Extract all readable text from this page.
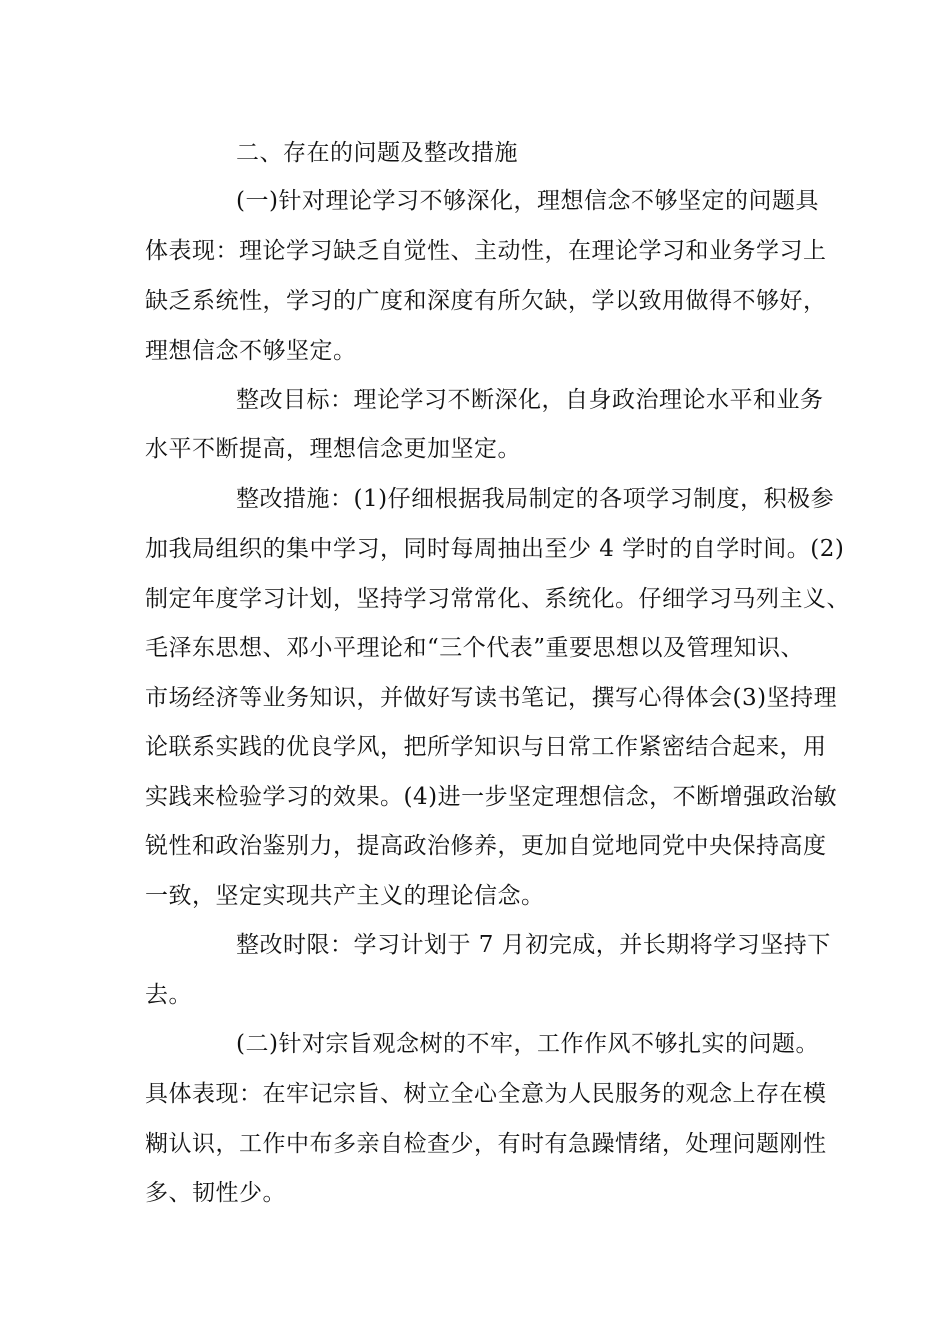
二、存在的问题及整改措施
(一)针对理论学习不够深化，理想信念不够坚定的问题具
体表现：理论学习缺乏自觉性、主动性，在理论学习和业务学习上
缺乏系统性，学习的广度和深度有所欠缺，学以致用做得不够好，
理想信念不够坚定。
整改目标：理论学习不断深化，自身政治理论水平和业务
水平不断提高，理想信念更加坚定。
整改措施：(1)仔细根据我局制定的各项学习制度，积极参
加我局组织的集中学习，同时每周抽出至少 4 学时的自学时间。(2)
制定年度学习计划，坚持学习常常化、系统化。仔细学习马列主义、
毛泽东思想、邓小平理论和“三个代表”重要思想以及管理知识、
市场经济等业务知识，并做好写读书笔记，撰写心得体会(3)坚持理
论联系实践的优良学风，把所学知识与日常工作紧密结合起来，用
实践来检验学习的效果。(4)进一步坚定理想信念，不断增强政治敏
锐性和政治鉴别力，提高政治修养，更加自觉地同党中央保持高度
一致，坚定实现共产主义的理论信念。
整改时限：学习计划于 7 月初完成，并长期将学习坚持下
去。
(二)针对宗旨观念树的不牢，工作作风不够扎实的问题。
具体表现：在牢记宗旨、树立全心全意为人民服务的观念上存在模
糊认识，工作中布多亲自检查少，有时有急躁情绪，处理问题刚性
多、韧性少。
